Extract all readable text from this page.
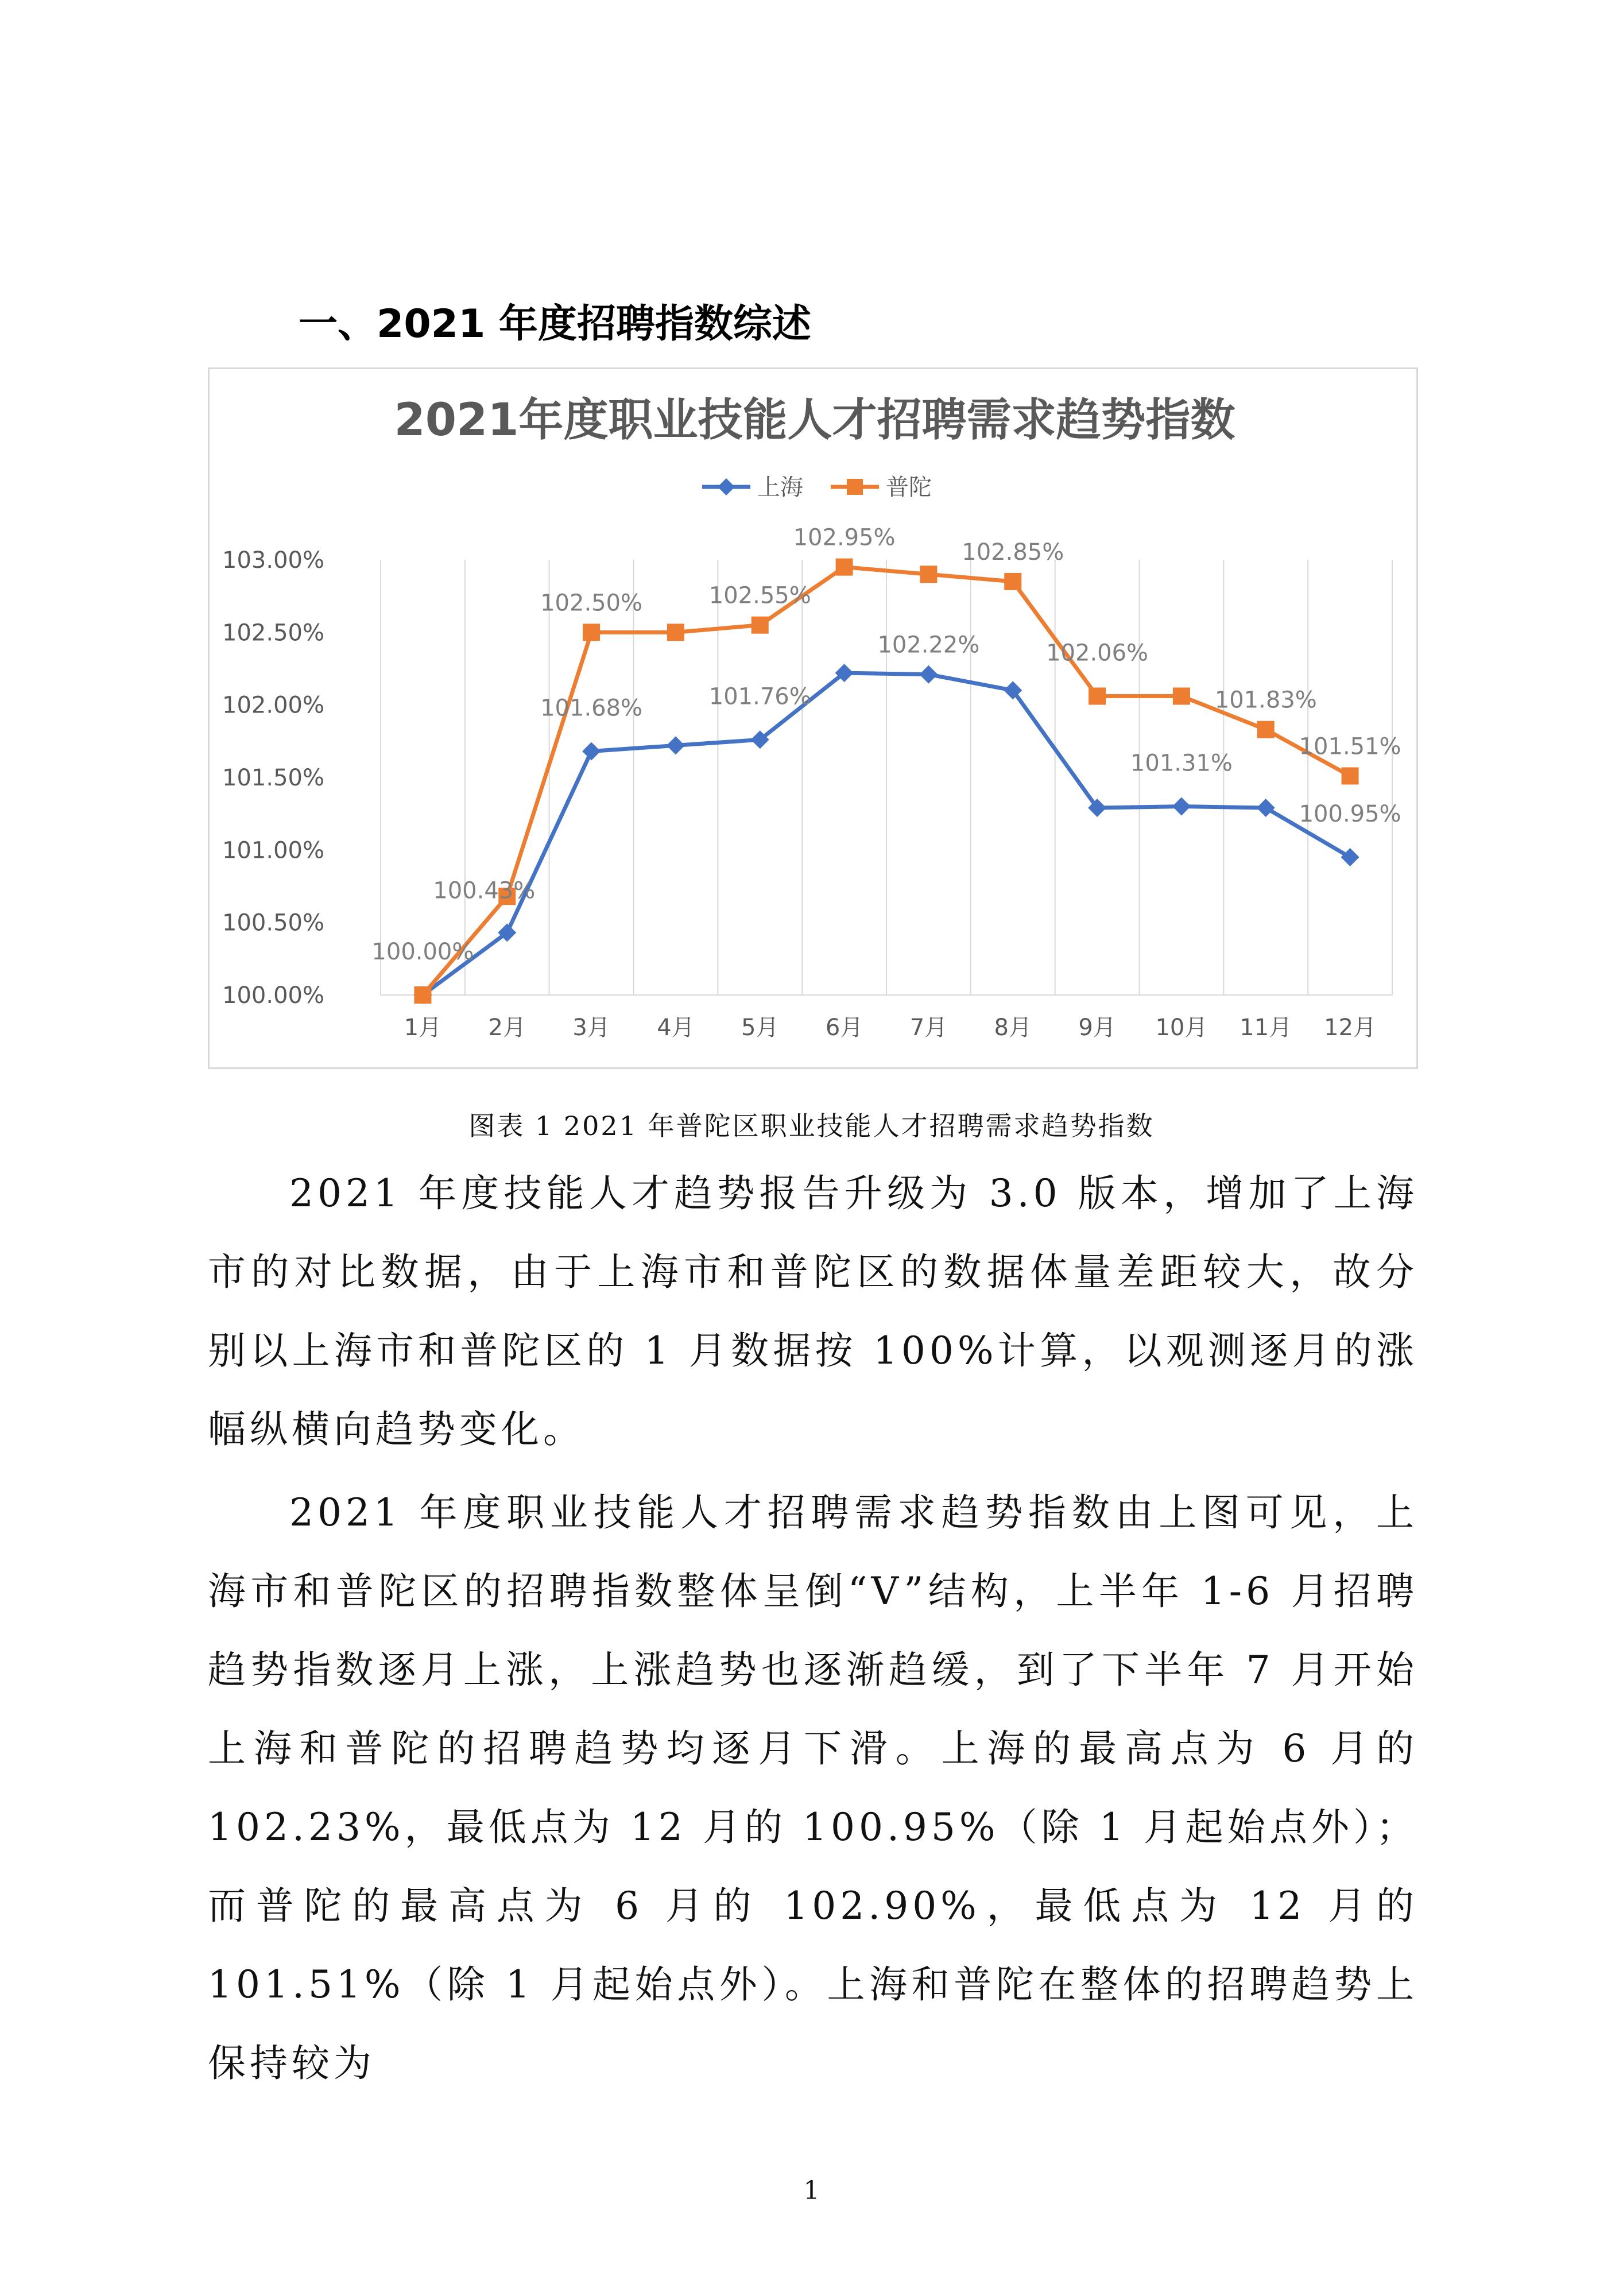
一、2021 年度招聘指数综述
2021年度职业技能人才招聘需求趋势指数
100.00%
100.50%
101.00%
101.50%
102.00%
102.50%
103.00%
1月 2月 3月 4月 5月 6月 7月 8月 9月 10月 11月 12月
上海	普陀
100.00%
100.43%
101.68%	101.76%
102.22%
101.31%
100.95%
102.50%	102.55%
102.95%
102.85%
102.06%
101.83%
101.51%
图表 1 2021 年普陀区职业技能人才招聘需求趋势指数

2021 年度技能人才趋势报告升级为 3.0 版本，增加了上海市的对比数据，由于上海市和普陀区的数据体量差距较大，故分别以上海市和普陀区的 1 月数据按 100%计算，以观测逐月的涨幅纵横向趋势变化。

2021 年度职业技能人才招聘需求趋势指数由上图可见，上海市和普陀区的招聘指数整体呈倒“V”结构，上半年 1-6 月招聘趋势指数逐月上涨，上涨趋势也逐渐趋缓，到了下半年 7 月开始上海和普陀的招聘趋势均逐月下滑。上海的最高点为 6 月的 102.23%，最低点为 12 月的 100.95%（除 1 月起始点外）；而普陀的最高点为 6 月的 102.90%，最低点为 12 月的 101.51%（除 1 月起始点外）。上海和普陀在整体的招聘趋势上保持较为

1
